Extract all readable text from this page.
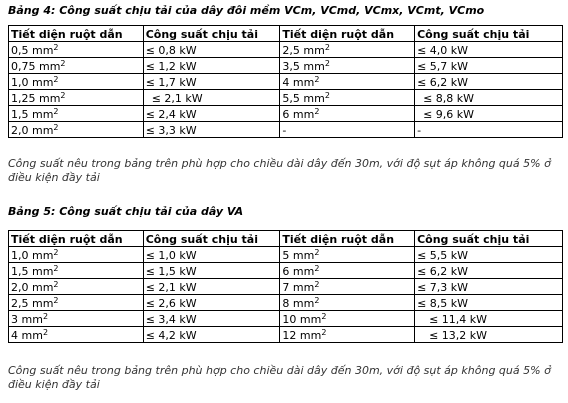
Bảng 4: Công suất chịu tải của dây đôi mềm VCm, VCmd, VCmx, VCmt, VCmo
Tiết diện ruột dẫn	Công suất chịu tải	Tiết diện ruột dẫn	Công suất chịu tải
0,5 $mm^2$	≤ 0,8 kW	2,5 $mm^2$	≤ 4,0 kW
0,75 $mm^2$	≤ 1,2 kW	3,5 $mm^2$	≤ 5,7 kW
1,0 $mm^2$	≤ 1,7 kW	4 $mm^2$	≤ 6,2 kW
1,25 $mm^2$	≤ 2,1 kW	5,5 $mm^2$	≤ 8,8 kW
1,5 $mm^2$	≤ 2,4 kW	6 $mm^2$	≤ 9,6 kW
2,0 $mm^2$	≤ 3,3 kW	-	-
Công suất nêu trong bảng trên phù hợp cho chiều dài dây đến 30m, với độ sụt áp không quá 5% ở điều kiện đầy tải
Bảng 5: Công suất chịu tải của dây VA
Tiết diện ruột dẫn	Công suất chịu tải	Tiết diện ruột dẫn	Công suất chịu tải
1,0 $mm^2$	≤ 1,0 kW	5 $mm^2$	≤ 5,5 kW
1,5 $mm^2$	≤ 1,5 kW	6 $mm^2$	≤ 6,2 kW
2,0 $mm^2$	≤ 2,1 kW	7 $mm^2$	≤ 7,3 kW
2,5 $mm^2$	≤ 2,6 kW	8 $mm^2$	≤ 8,5 kW
3 $mm^2$	≤ 3,4 kW	10 $mm^2$	≤ 11,4 kW
4 $mm^2$	≤ 4,2 kW	12 $mm^2$	≤ 13,2 kW
Công suất nêu trong bảng trên phù hợp cho chiều dài dây đến 30m, với độ sụt áp không quá 5% ở điều kiện đầy tải
